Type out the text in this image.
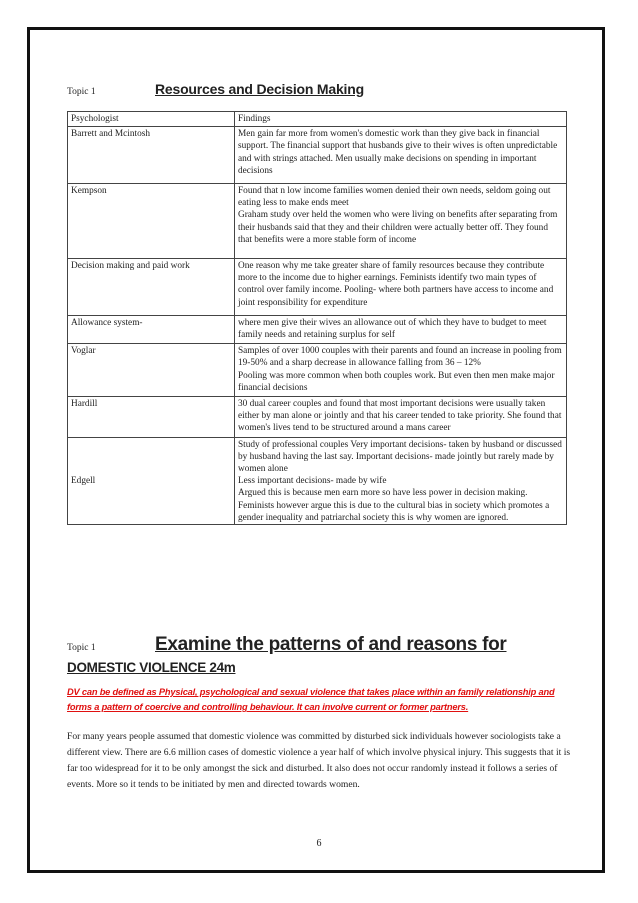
Topic 1	Resources and Decision Making
Psychologist	Findings
Barrett and Mcintosh	Men gain far more from women's domestic work than they give back in financial support. The financial support that husbands give to their wives is often unpredictable and with strings attached. Men usually make decisions on spending in important decisions

Kempson	Found that n low income families women denied their own needs, seldom going out eating less to make ends meet
Graham study over held the women who were living on benefits after separating from their husbands said that they and their children were actually better off. They found that benefits were a more stable form of income

Decision making and paid work	One reason why me take greater share of family resources because they contribute more to the income due to higher earnings. Feminists identify two main types of control over family income. Pooling- where both partners have access to income and joint responsibility for expenditure

Allowance system-	where men give their wives an allowance out of which they have to budget to meet family needs and retaining surplus for self

Voglar	Samples of over 1000 couples with their parents and found an increase in pooling from 19-50% and a sharp decrease in allowance falling from 36 – 12%
Pooling was more common when both couples work. But even then men make major financial decisions

Hardill	30 dual career couples and found that most important decisions were usually taken either by man alone or jointly and that his career tended to take priority. She found that women's lives tend to be structured around a mans career

Edgell	Study of professional couples Very important decisions- taken by husband or discussed by husband having the last say. Important decisions- made jointly but rarely made by women alone
Less important decisions- made by wife
Argued this is because men earn more so have less power in decision making. Feminists however argue this is due to the cultural bias in society which promotes a gender inequality and patriarchal society this is why women are ignored.
Topic 1	Examine the patterns of and reasons for
DOMESTIC VIOLENCE 24m
DV can be defined as Physical, psychological and sexual violence that takes place within an family relationship and forms a pattern of coercive and controlling behaviour. It can involve current or former partners.
For many years people assumed that domestic violence was committed by disturbed sick individuals however sociologists take a different view. There are 6.6 million cases of domestic violence a year half of which involve physical injury. This suggests that it is far too widespread for it to be only amongst the sick and disturbed. It also does not occur randomly instead it follows a series of events. More so it tends to be initiated by men and directed towards women.
6
